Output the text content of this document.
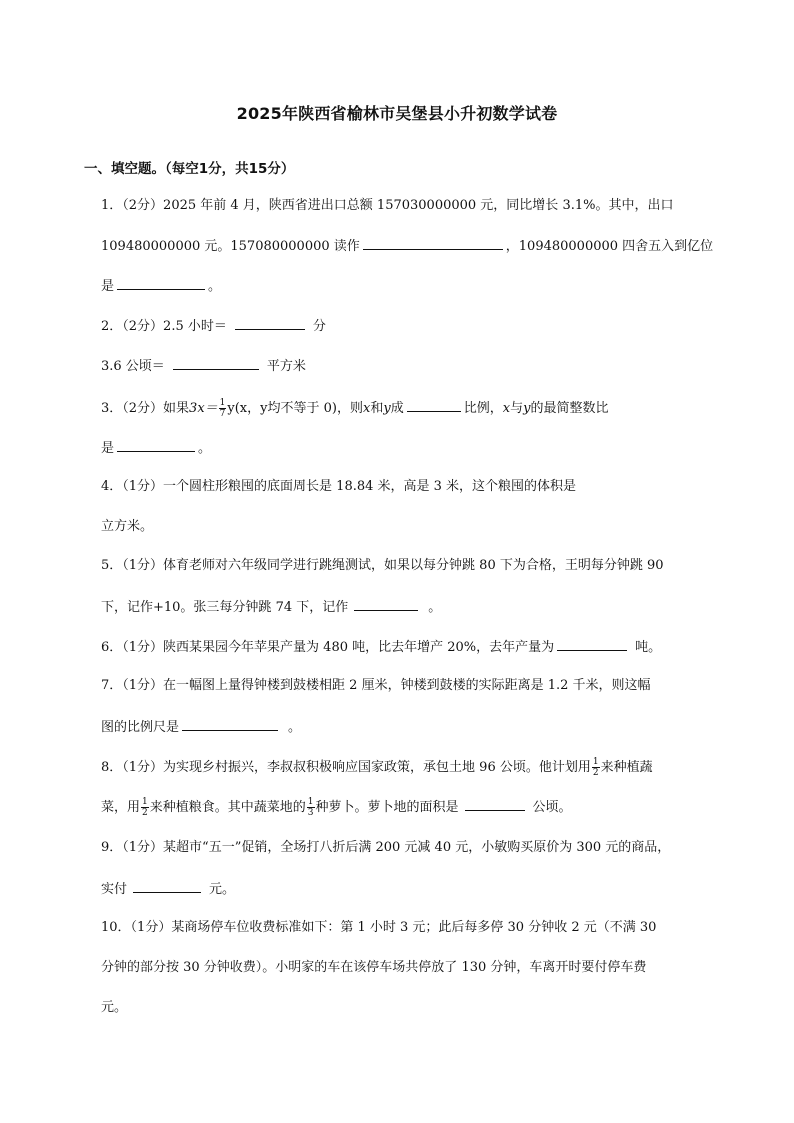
2025年陕西省榆林市吴堡县小升初数学试卷
一、填空题。（每空1分，共15分）
1．（2分）2025 年前 4 月，陕西省进出口总额 157030000000 元，同比增长 3.1%。其中，出口
109480000000 元。157080000000 读作	，109480000000 四舍五入到亿位
是	。
2．（2分）2.5 小时＝	分
3.6 公顷＝	平方米
3．（2分）如果$3x= \frac{1}{7} y(x$，y均不等于 0)，则x和y成	比例，x与y的最简整数比
是	。
4．（1分）一个圆柱形粮囤的底面周长是 18.84 米，高是 3 米，这个粮囤的体积是
立方米。
5．（1分）体育老师对六年级同学进行跳绳测试，如果以每分钟跳 80 下为合格，王明每分钟跳 90
下，记作+10。张三每分钟跳 74 下，记作	。
6．（1分）陕西某果园今年苹果产量为 480 吨，比去年增产 20%，去年产量为	吨。
7．（1分）在一幅图上量得钟楼到鼓楼相距 2 厘米，钟楼到鼓楼的实际距离是 1.2 千米，则这幅
图的比例尺是	。
8．（1分）为实现乡村振兴，李叔叔积极响应国家政策，承包土地 96 公顷。他计划用 $\frac{1}{2}$ 来种植蔬
菜，用 $\frac{1}{2}$ 来种植粮食。其中蔬菜地的 $\frac{1}{3}$ 种萝卜。萝卜地的面积是	公顷。
9．（1分）某超市“五一”促销，全场打八折后满 200 元减 40 元，小敏购买原价为 300 元的商品，
实付	元。
10．（1分）某商场停车位收费标准如下：第 1 小时 3 元；此后每多停 30 分钟收 2 元（不满 30
分钟的部分按 30 分钟收费）。小明家的车在该停车场共停放了 130 分钟，车离开时要付停车费
元。
